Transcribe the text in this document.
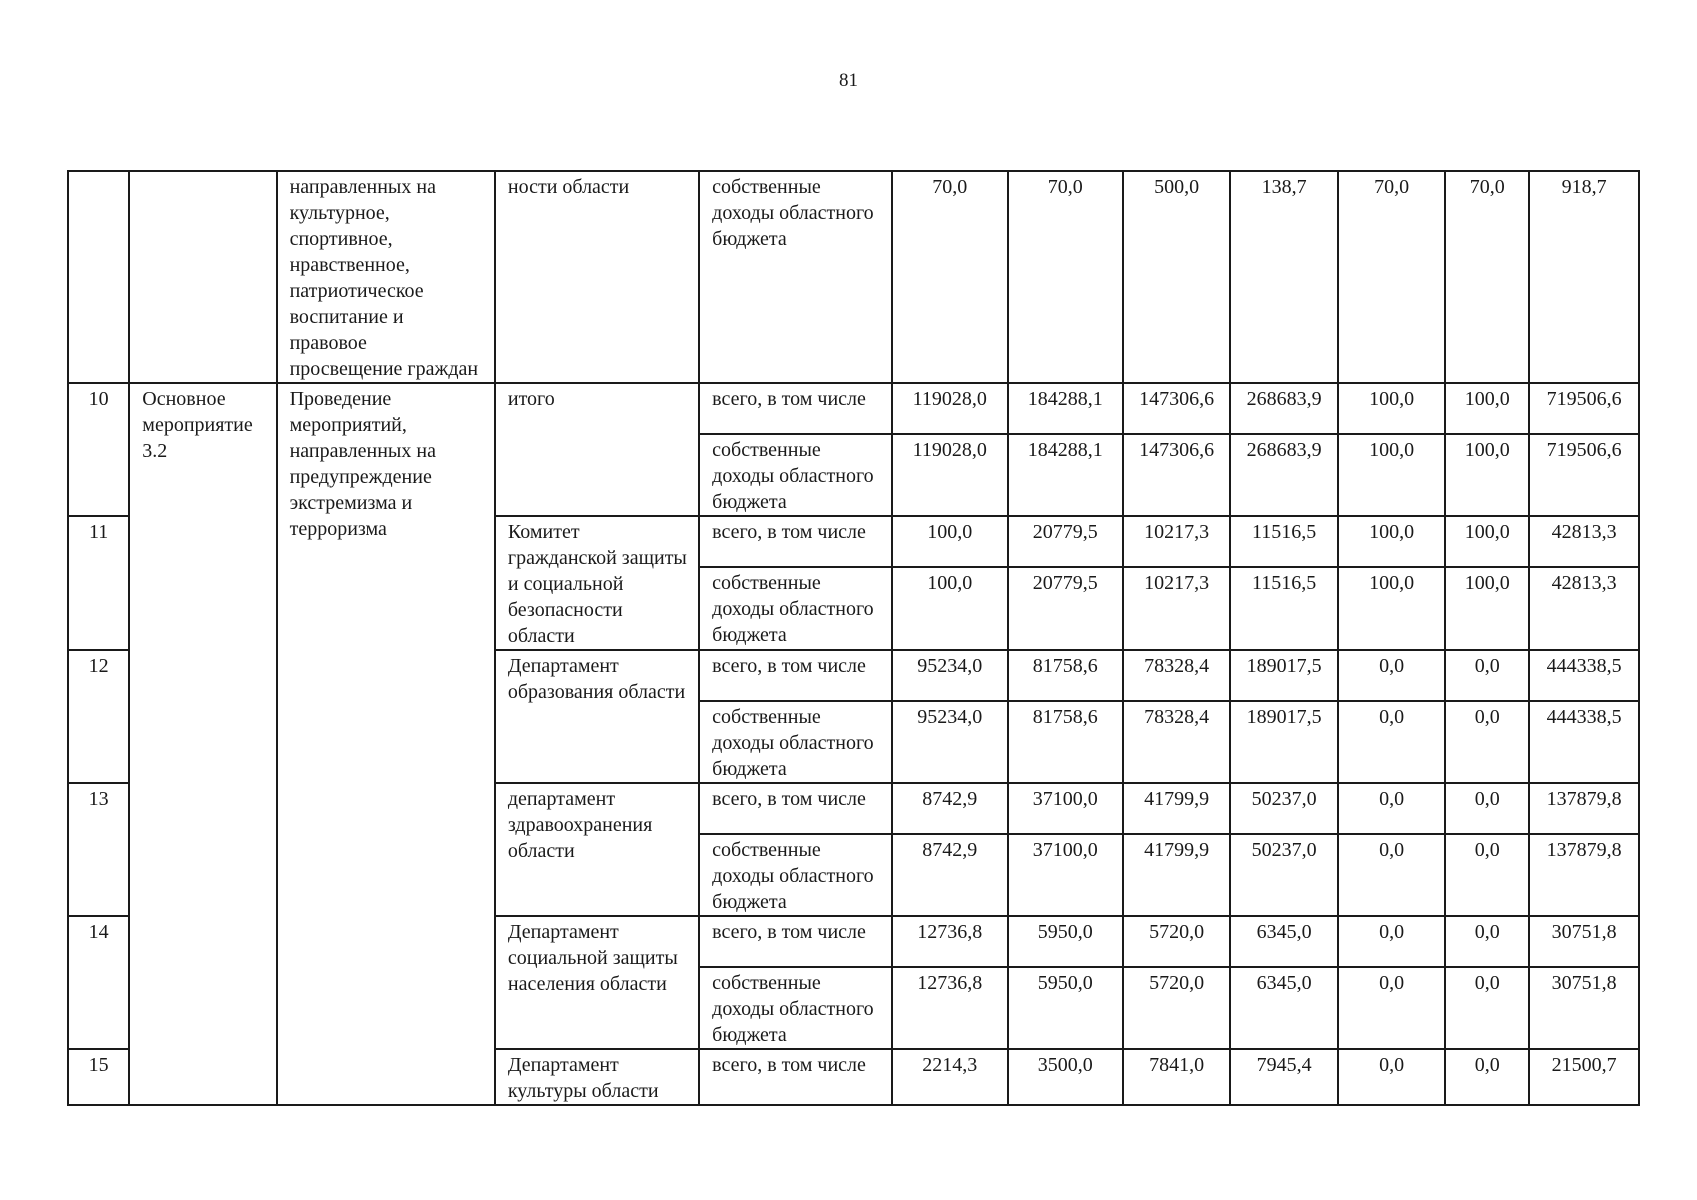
81
		направленных на культурное, спортивное, нравственное, патриотическое воспитание и правовое просвещение граждан	ности области	собственные доходы областного бюджета	70,0	70,0	500,0	138,7	70,0	70,0	918,7
10	Основное мероприятие 3.2	Проведение мероприятий, направленных на предупреждение экстремизма и терроризма	итого	всего, в том числе	119028,0	184288,1	147306,6	268683,9	100,0	100,0	719506,6
				собственные доходы областного бюджета	119028,0	184288,1	147306,6	268683,9	100,0	100,0	719506,6
11			Комитет гражданской защиты и социальной безопасности области	всего, в том числе	100,0	20779,5	10217,3	11516,5	100,0	100,0	42813,3
				собственные доходы областного бюджета	100,0	20779,5	10217,3	11516,5	100,0	100,0	42813,3
12			Департамент образования области	всего, в том числе	95234,0	81758,6	78328,4	189017,5	0,0	0,0	444338,5
				собственные доходы областного бюджета	95234,0	81758,6	78328,4	189017,5	0,0	0,0	444338,5
13			департамент здравоохранения области	всего, в том числе	8742,9	37100,0	41799,9	50237,0	0,0	0,0	137879,8
				собственные доходы областного бюджета	8742,9	37100,0	41799,9	50237,0	0,0	0,0	137879,8
14			Департамент социальной защиты населения области	всего, в том числе	12736,8	5950,0	5720,0	6345,0	0,0	0,0	30751,8
				собственные доходы областного бюджета	12736,8	5950,0	5720,0	6345,0	0,0	0,0	30751,8
15			Департамент культуры области	всего, в том числе	2214,3	3500,0	7841,0	7945,4	0,0	0,0	21500,7
